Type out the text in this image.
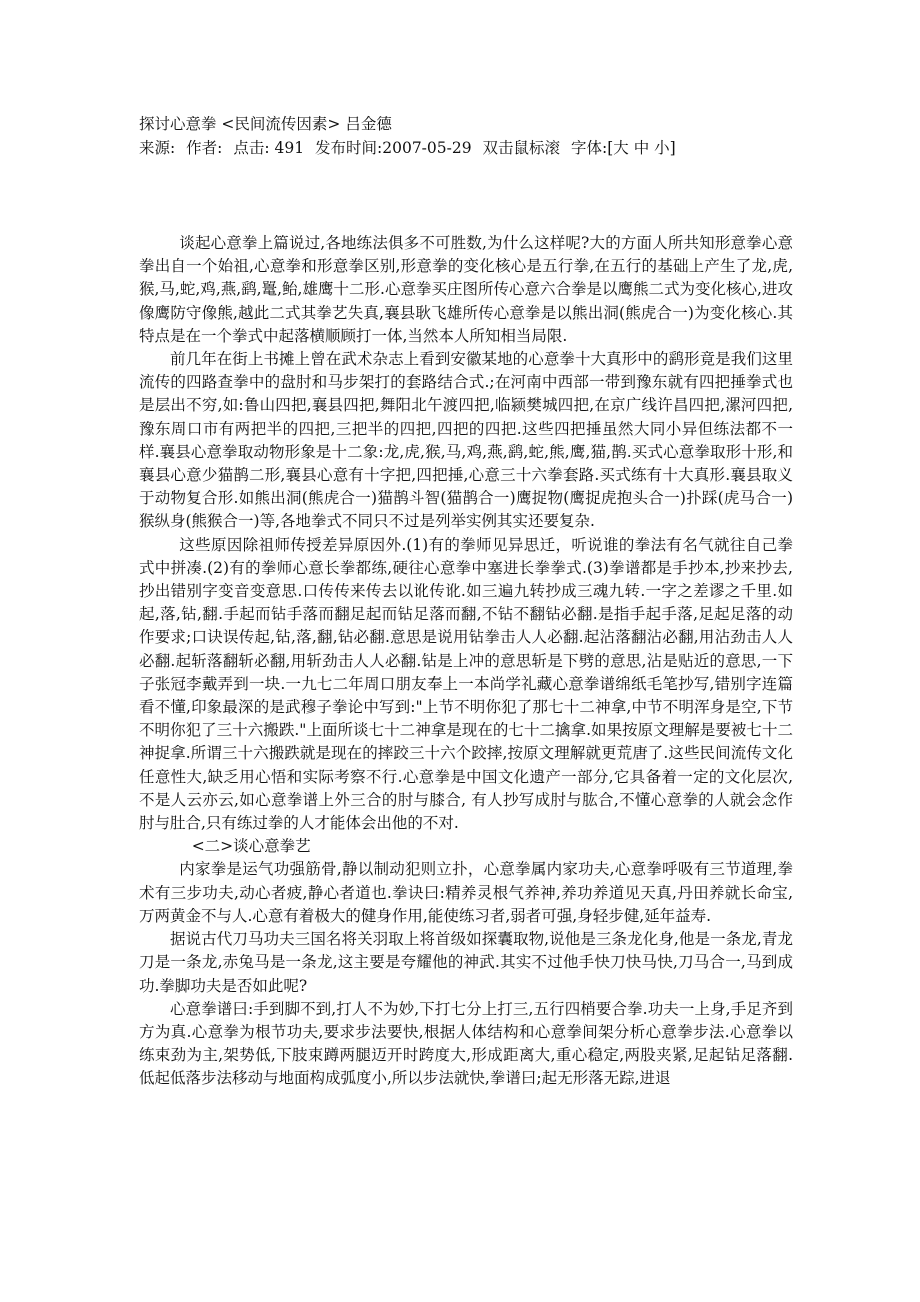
探讨心意拳 <民间流传因素> 吕金德
来源: 作者: 点击: 491 发布时间:2007-05-29 双击鼠标滚 字体:[大 中 小]

谈起心意拳上篇说过,各地练法俱多不可胜数,为什么这样呢?大的方面人所共知形意拳心意拳出自一个始祖,心意拳和形意拳区别,形意拳的变化核心是五行拳,在五行的基础上产生了龙,虎,猴,马,蛇,鸡,燕,鹞,鼍,鲐,雄鹰十二形.心意拳买庄图所传心意六合拳是以鹰熊二式为变化核心,进攻像鹰防守像熊,越此二式其拳艺失真,襄县耿飞雄所传心意拳是以熊出洞(熊虎合一)为变化核心.其特点是在一个拳式中起落横顺顾打一体,当然本人所知相当局限.

前几年在街上书摊上曾在武术杂志上看到安徽某地的心意拳十大真形中的鹞形竟是我们这里流传的四路查拳中的盘肘和马步架打的套路结合式.;在河南中西部一带到豫东就有四把捶拳式也是层出不穷,如:鲁山四把,襄县四把,舞阳北午渡四把,临颍樊城四把,在京广线许昌四把,漯河四把,豫东周口市有两把半的四把,三把半的四把,四把的四把.这些四把捶虽然大同小异但练法都不一样.襄县心意拳取动物形象是十二象:龙,虎,猴,马,鸡,燕,鹞,蛇,熊,鹰,猫,鹊.买式心意拳取形十形,和襄县心意少猫鹊二形,襄县心意有十字把,四把捶,心意三十六拳套路.买式练有十大真形.襄县取义于动物复合形.如熊出洞(熊虎合一)猫鹊斗智(猫鹊合一)鹰捉物(鹰捉虎抱头合一)扑踩(虎马合一)猴纵身(熊猴合一)等,各地拳式不同只不过是列举实例其实还要复杂.

这些原因除祖师传授差异原因外.(1)有的拳师见异思迁，听说谁的拳法有名气就往自己拳式中拼凑.(2)有的拳师心意长拳都练,硬往心意拳中塞进长拳拳式.(3)拳谱都是手抄本,抄来抄去,抄出错别字变音变意思.口传传来传去以讹传讹.如三遍九转抄成三魂九转.一字之差谬之千里.如起,落,钻,翻.手起而钻手落而翻足起而钻足落而翻,不钻不翻钻必翻.是指手起手落,足起足落的动作要求;口诀误传起,钻,落,翻,钻必翻.意思是说用钻拳击人人必翻.起沾落翻沾必翻,用沾劲击人人必翻.起斩落翻斩必翻,用斩劲击人人必翻.钻是上冲的意思斩是下劈的意思,沾是贴近的意思,一下子张冠李戴弄到一块.一九七二年周口朋友奉上一本尚学礼藏心意拳谱绵纸毛笔抄写,错别字连篇看不懂,印象最深的是武穆子拳论中写到:"上节不明你犯了那七十二神拿,中节不明浑身是空,下节不明你犯了三十六搬跌."上面所谈七十二神拿是现在的七十二擒拿.如果按原文理解是要被七十二神捉拿.所谓三十六搬跌就是现在的摔跤三十六个跤摔,按原文理解就更荒唐了.这些民间流传文化任意性大,缺乏用心悟和实际考察不行.心意拳是中国文化遗产一部分,它具备着一定的文化层次,不是人云亦云,如心意拳谱上外三合的肘与膝合, 有人抄写成肘与肱合,不懂心意拳的人就会念作肘与肚合,只有练过拳的人才能体会出他的不对.

<二>谈心意拳艺

内家拳是运气功强筋骨,静以制动犯则立扑，心意拳属内家功夫,心意拳呼吸有三节道理,拳术有三步功夫,动心者疲,静心者道也.拳诀曰:精养灵根气养神,养功养道见天真,丹田养就长命宝,万两黄金不与人.心意有着极大的健身作用,能使练习者,弱者可强,身轻步健,延年益寿.

据说古代刀马功夫三国名将关羽取上将首级如探囊取物,说他是三条龙化身,他是一条龙,青龙刀是一条龙,赤兔马是一条龙,这主要是夸耀他的神武.其实不过他手快刀快马快,刀马合一,马到成功.拳脚功夫是否如此呢?

心意拳谱曰:手到脚不到,打人不为妙,下打七分上打三,五行四梢要合拳.功夫一上身,手足齐到方为真.心意拳为根节功夫,要求步法要快,根据人体结构和心意拳间架分析心意拳步法.心意拳以练束劲为主,架势低,下肢束蹲两腿迈开时跨度大,形成距离大,重心稳定,两股夹紧,足起钻足落翻.低起低落步法移动与地面构成弧度小,所以步法就快,拳谱曰;起无形落无踪,进退
